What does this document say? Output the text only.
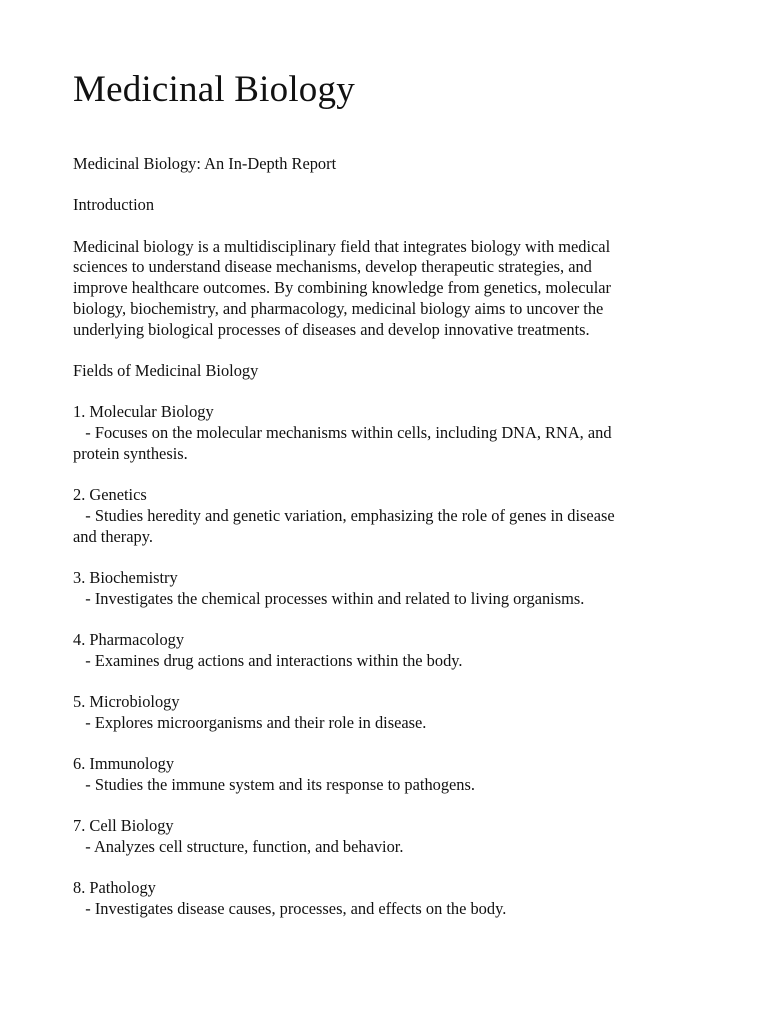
Medicinal Biology
Medicinal Biology: An In-Depth Report
Introduction
Medicinal biology is a multidisciplinary field that integrates biology with medical
sciences to understand disease mechanisms, develop therapeutic strategies, and
improve healthcare outcomes. By combining knowledge from genetics, molecular
biology, biochemistry, and pharmacology, medicinal biology aims to uncover the
underlying biological processes of diseases and develop innovative treatments.
Fields of Medicinal Biology
1. Molecular Biology
- Focuses on the molecular mechanisms within cells, including DNA, RNA, and
protein synthesis.
2. Genetics
- Studies heredity and genetic variation, emphasizing the role of genes in disease
and therapy.
3. Biochemistry
- Investigates the chemical processes within and related to living organisms.
4. Pharmacology
- Examines drug actions and interactions within the body.
5. Microbiology
- Explores microorganisms and their role in disease.
6. Immunology
- Studies the immune system and its response to pathogens.
7. Cell Biology
- Analyzes cell structure, function, and behavior.
8. Pathology
- Investigates disease causes, processes, and effects on the body.
